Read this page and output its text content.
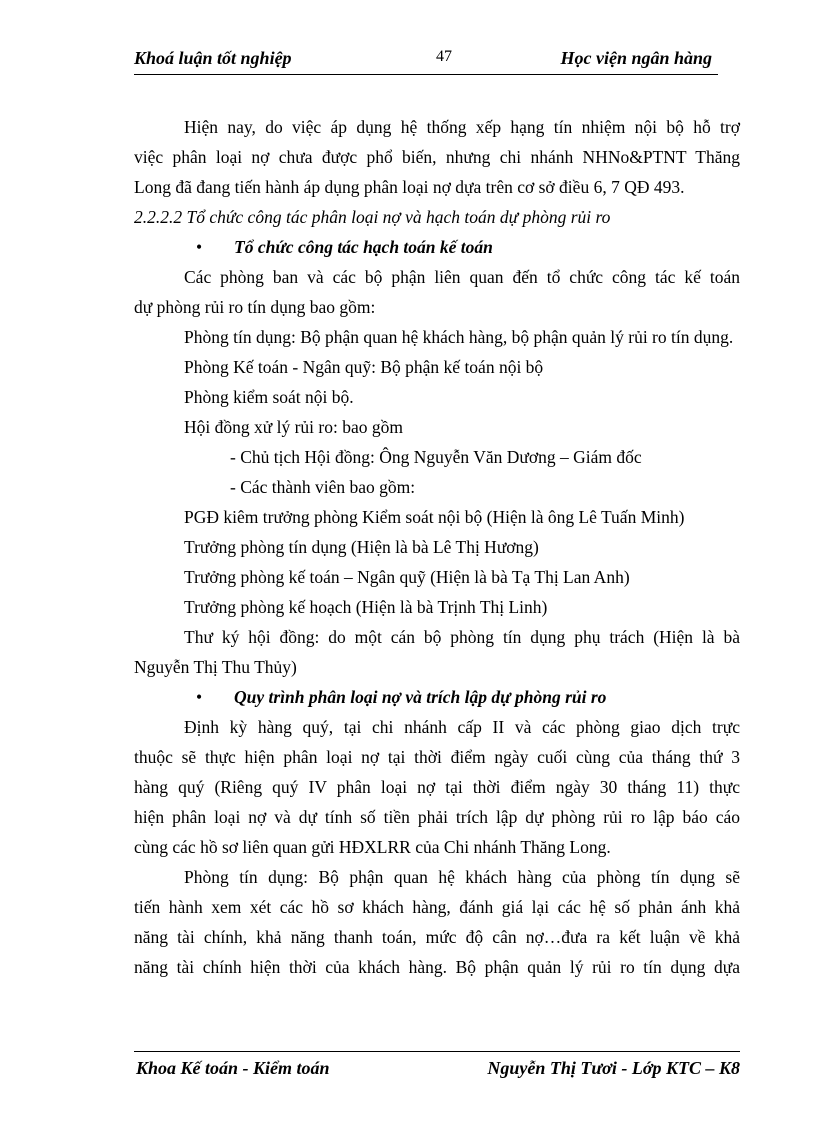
Khoá luận tốt nghiệp	47	Học viện ngân hàng

Hiện nay, do việc áp dụng hệ thống xếp hạng tín nhiệm nội bộ hỗ trợ

việc phân loại nợ chưa được phổ biến, nhưng chi nhánh NHNo&PTNT Thăng

Long đã đang tiến hành áp dụng phân loại nợ dựa trên cơ sở điều 6, 7 QĐ 493.

2.2.2.2 Tổ chức công tác phân loại nợ và hạch toán dự phòng rủi ro

• Tổ chức công tác hạch toán kế toán

Các phòng ban và các bộ phận liên quan đến tổ chức công tác kế toán

dự phòng rủi ro tín dụng bao gồm:

Phòng tín dụng: Bộ phận quan hệ khách hàng, bộ phận quản lý rủi ro tín dụng.

Phòng Kế toán - Ngân quỹ: Bộ phận kế toán nội bộ

Phòng kiểm soát nội bộ.

Hội đồng xử lý rủi ro: bao gồm

- Chủ tịch Hội đồng: Ông Nguyễn Văn Dương – Giám đốc

- Các thành viên bao gồm:

PGĐ kiêm trưởng phòng Kiểm soát nội bộ (Hiện là ông Lê Tuấn Minh)

Trưởng phòng tín dụng (Hiện là bà Lê Thị Hương)

Trưởng phòng kế toán – Ngân quỹ (Hiện là bà Tạ Thị Lan Anh)

Trưởng phòng kế hoạch (Hiện là bà Trịnh Thị Linh)

Thư ký hội đồng: do một cán bộ phòng tín dụng phụ trách (Hiện là bà

Nguyễn Thị Thu Thủy)

• Quy trình phân loại nợ và trích lập dự phòng rủi ro

Định kỳ hàng quý, tại chi nhánh cấp II và các phòng giao dịch trực

thuộc sẽ thực hiện phân loại nợ tại thời điểm ngày cuối cùng của tháng thứ 3

hàng quý (Riêng quý IV phân loại nợ tại thời điểm ngày 30 tháng 11) thực

hiện phân loại nợ và dự tính số tiền phải trích lập dự phòng rủi ro lập báo cáo

cùng các hồ sơ liên quan gửi HĐXLRR của Chi nhánh Thăng Long.

Phòng tín dụng: Bộ phận quan hệ khách hàng của phòng tín dụng sẽ

tiến hành xem xét các hồ sơ khách hàng, đánh giá lại các hệ số phản ánh khả

năng tài chính, khả năng thanh toán, mức độ cân nợ…đưa ra kết luận về khả

năng tài chính hiện thời của khách hàng. Bộ phận quản lý rủi ro tín dụng dựa

Khoa Kế toán - Kiểm toán	Nguyễn Thị Tươi - Lớp KTC – K8
